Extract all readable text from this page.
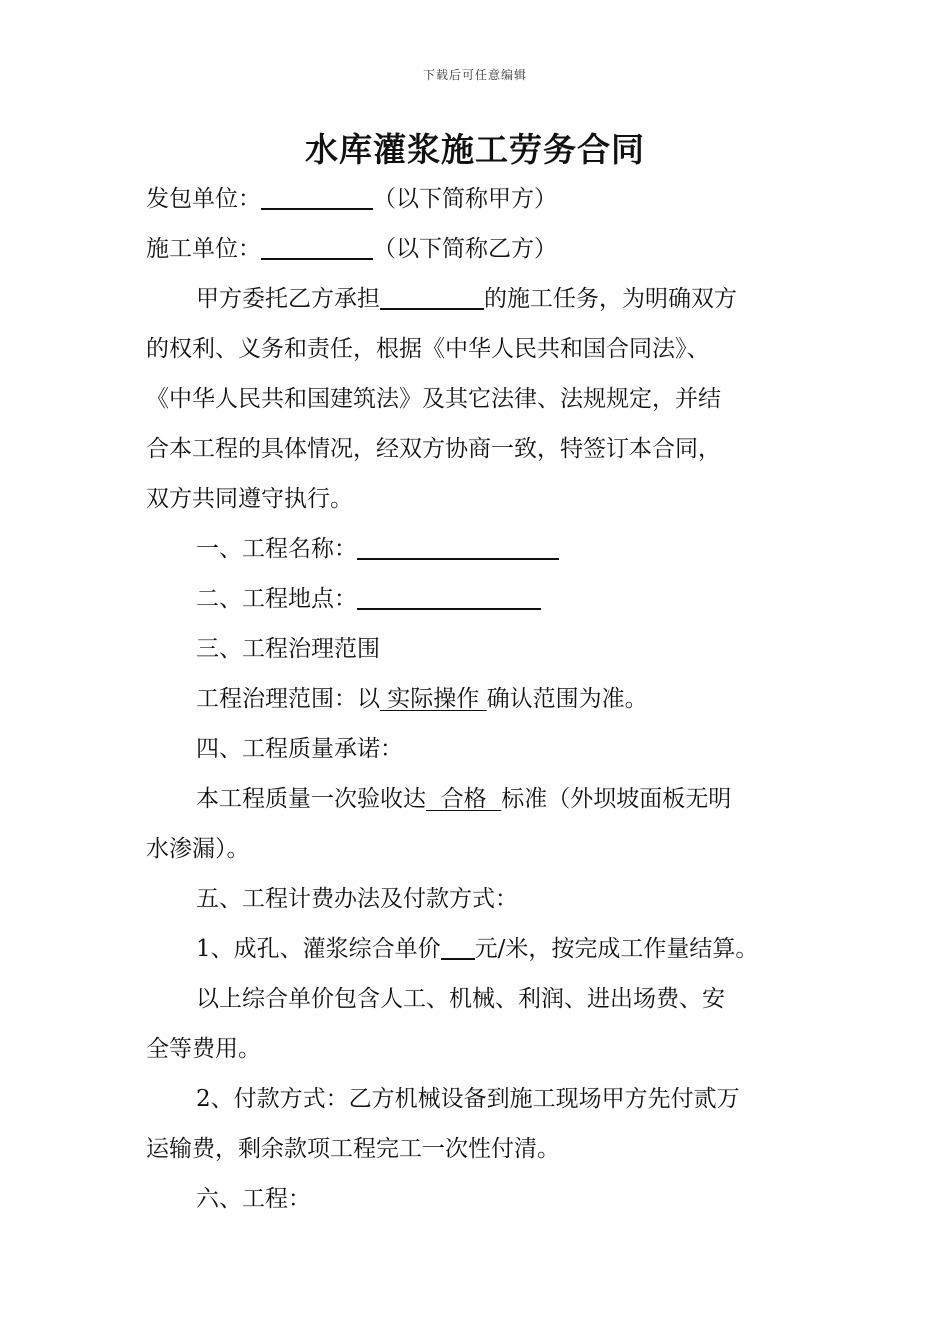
下载后可任意编辑
水库灌浆施工劳务合同

发包单位：	（以下简称甲方）

施工单位：	（以下简称乙方）

甲方委托乙方承担	的施工任务，为明确双方

的权利、义务和责任，根据《中华人民共和国合同法》、

《中华人民共和国建筑法》及其它法律、法规规定，并结

合本工程的具体情况，经双方协商一致，特签订本合同，

双方共同遵守执行。

一、工程名称：

二、工程地点：

三、工程治理范围

工程治理范围：以 实际操作 确认范围为准。

四、工程质量承诺：

本工程质量一次验收达  合格  标准（外坝坡面板无明

水渗漏）。

五、工程计费办法及付款方式：

1、成孔、灌浆综合单价 元/米，按完成工作量结算。

以上综合单价包含人工、机械、利润、进出场费、安

全等费用。

2、付款方式：乙方机械设备到施工现场甲方先付贰万

运输费，剩余款项工程完工一次性付清。

六、工程：
